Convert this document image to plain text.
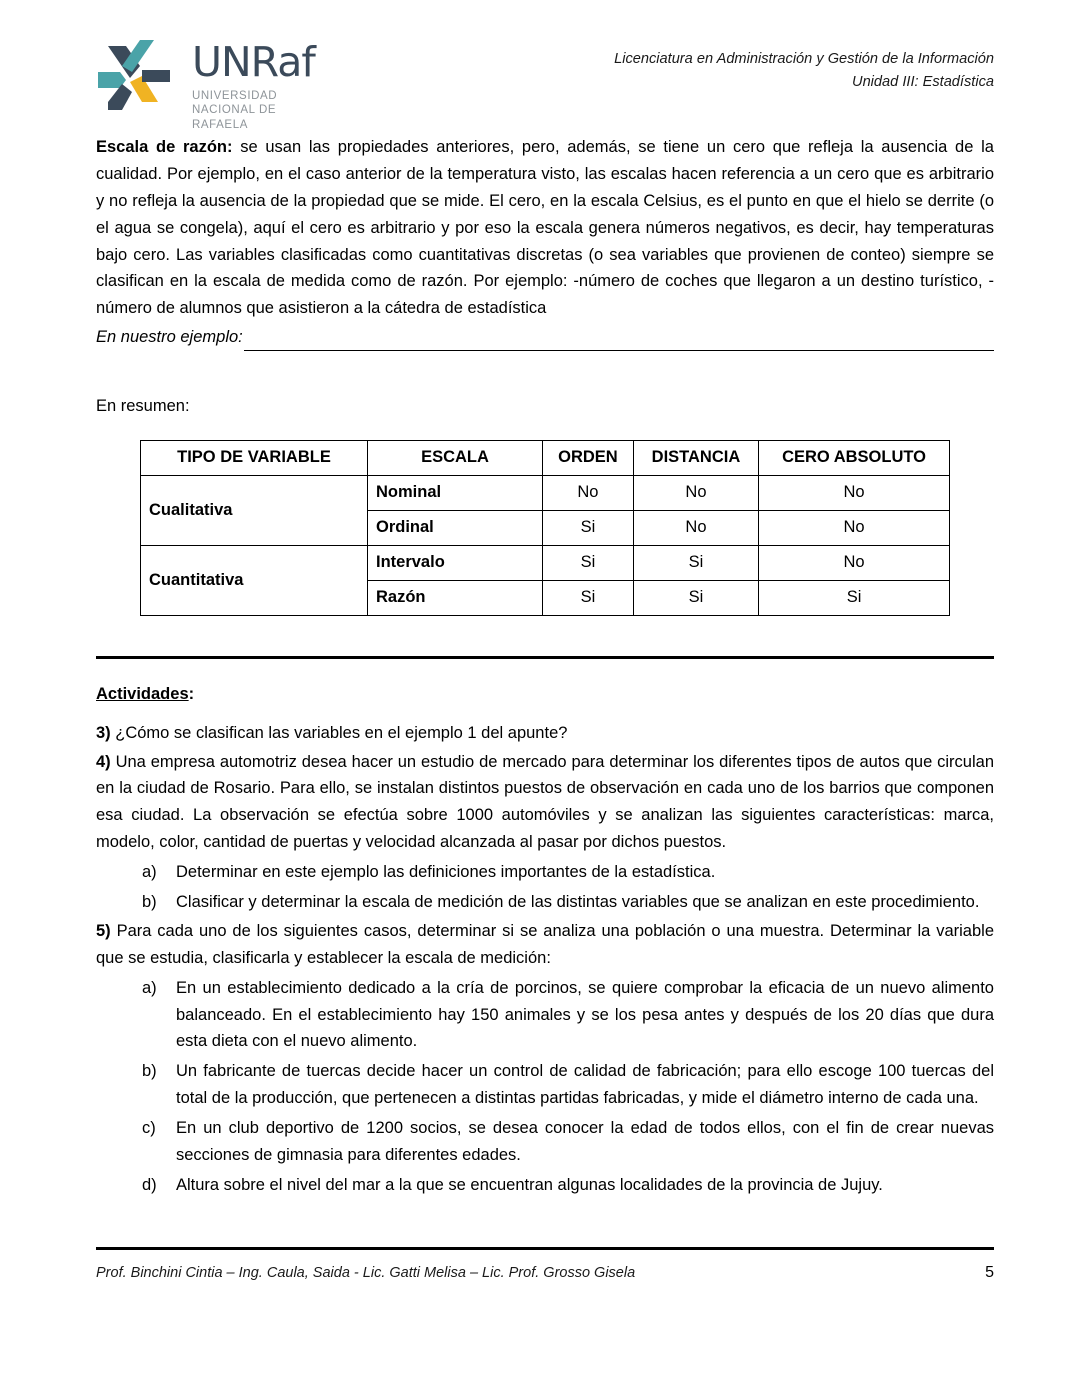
UNRaf
UNIVERSIDAD
NACIONAL DE
RAFAELA
Licenciatura en Administración y Gestión de la Información
Unidad III: Estadística

Escala de razón: se usan las propiedades anteriores, pero, además, se tiene un cero que refleja la ausencia de la cualidad. Por ejemplo, en el caso anterior de la temperatura visto, las escalas hacen referencia a un cero que es arbitrario y no refleja la ausencia de la propiedad que se mide. El cero, en la escala Celsius, es el punto en que el hielo se derrite (o el agua se congela), aquí el cero es arbitrario y por eso la escala genera números negativos, es decir, hay temperaturas bajo cero. Las variables clasificadas como cuantitativas discretas (o sea variables que provienen de conteo) siempre se clasifican en la escala de medida como de razón. Por ejemplo: -número de coches que llegaron a un destino turístico, -número de alumnos que asistieron a la cátedra de estadística

En nuestro ejemplo:
En resumen:
TIPO DE VARIABLE	ESCALA	ORDEN	DISTANCIA	CERO ABSOLUTO
Cualitativa	Nominal	No	No	No
	Ordinal	Si	No	No
Cuantitativa	Intervalo	Si	Si	No
	Razón	Si	Si	Si
Actividades:
3) ¿Cómo se clasifican las variables en el ejemplo 1 del apunte?
4) Una empresa automotriz desea hacer un estudio de mercado para determinar los diferentes tipos de autos que circulan en la ciudad de Rosario. Para ello, se instalan distintos puestos de observación en cada uno de los barrios que componen esa ciudad. La observación se efectúa sobre 1000 automóviles y se analizan las siguientes características: marca, modelo, color, cantidad de puertas y velocidad alcanzada al pasar por dichos puestos.
a)	Determinar en este ejemplo las definiciones importantes de la estadística.
b)	Clasificar y determinar la escala de medición de las distintas variables que se analizan en este procedimiento.
5) Para cada uno de los siguientes casos, determinar si se analiza una población o una muestra. Determinar la variable que se estudia, clasificarla y establecer la escala de medición:
a)	En un establecimiento dedicado a la cría de porcinos, se quiere comprobar la eficacia de un nuevo alimento balanceado. En el establecimiento hay 150 animales y se los pesa antes y después de los 20 días que dura esta dieta con el nuevo alimento.
b)	Un fabricante de tuercas decide hacer un control de calidad de fabricación; para ello escoge 100 tuercas del total de la producción, que pertenecen a distintas partidas fabricadas, y mide el diámetro interno de cada una.
c)	En un club deportivo de 1200 socios, se desea conocer la edad de todos ellos, con el fin de crear nuevas secciones de gimnasia para diferentes edades.
d)	Altura sobre el nivel del mar a la que se encuentran algunas localidades de la provincia de Jujuy.
Prof. Binchini Cintia – Ing. Caula, Saida - Lic. Gatti Melisa – Lic. Prof. Grosso Gisela	5
